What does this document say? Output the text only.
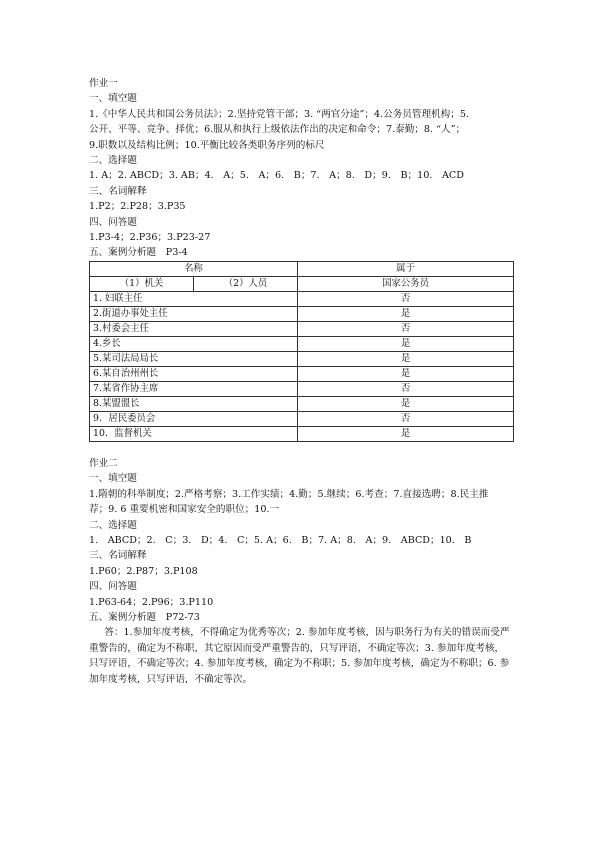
作业一
一、填空题
1.《中华人民共和国公务员法》；2.坚持党管干部；3. “两官分途”；4.公务员管理机构；5.
公开、平等、竞争、择优；6.服从和执行上级依法作出的决定和命令；7.泰勤；8. “人”；
9.职数以及结构比例；10.平衡比较各类职务序列的标尺
二、选择题
1. A；2. ABCD；3. AB；4.　A；5.　A；6.　B；7.　A；8.　D；9.　B；10.　ACD
三、名词解释
1.P2；2.P28；3.P35
四、问答题
1.P3-4；2.P36；3.P23-27
五、案例分析题　P3-4
名称		属于
（1）机关	（2）人员	国家公务员
1. 妇联主任		否
2.街道办事处主任		是
3.村委会主任		否
4.乡长		是
5.某司法局局长		是
6.某自治州州长		是
7.某省作协主席		否
8.某盟盟长		是
9．居民委员会		否
10．监督机关		是
作业二
一、填空题
1.隋朝的科举制度；2.严格考察；3.工作实绩；4.勤；5.继续；6.考查；7.直接选聘；8.民主推
荐；9. 6 重要机密和国家安全的职位；10.一
二、选择题
1.　ABCD；2.　C；3.　D；4.　C；5. A；6.　B；7. A；8.　A；9.　ABCD；10.　B
三、名词解释
1.P60；2.P87；3.P108
四、问答题
1.P63-64；2.P96；3.P110
五、案例分析题　P72-73
答：1.参加年度考核，不得确定为优秀等次；2. 参加年度考核，因与职务行为有关的错误而受严重警告的，确定为不称职，其它原因而受严重警告的，只写评语，不确定等次；3. 参加年度考核，只写评语，不确定等次；4. 参加年度考核，确定为不称职；5. 参加年度考核，确定为不称职；6. 参加年度考核，只写评语，不确定等次。
